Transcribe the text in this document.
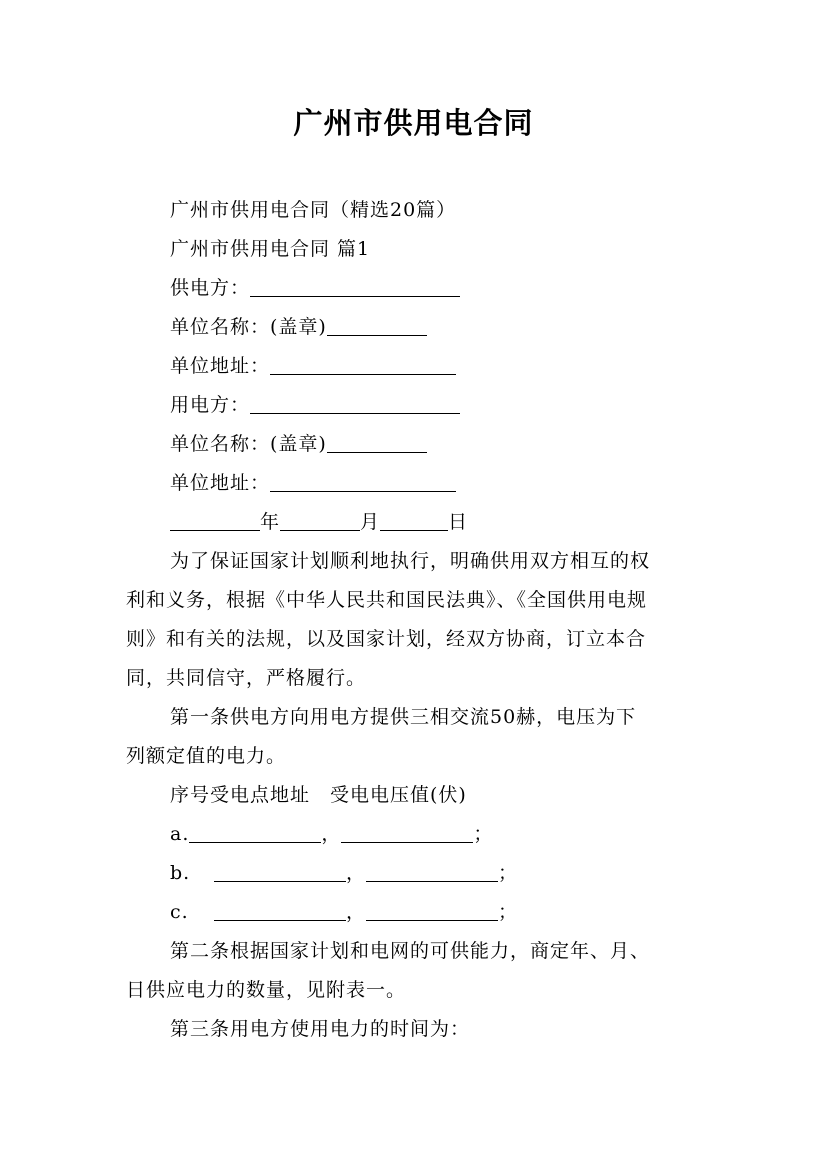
广州市供用电合同
广州市供用电合同（精选20篇）
广州市供用电合同 篇1
供电方：
单位名称：(盖章)
单位地址：
用电方：
单位名称：(盖章)
单位地址：
年	月	日
为了保证国家计划顺利地执行，明确供用双方相互的权
利和义务，根据《中华人民共和国民法典》、《全国供用电规
则》和有关的法规，以及国家计划，经双方协商，订立本合
同，共同信守，严格履行。
第一条供电方向用电方提供三相交流50赫，电压为下
列额定值的电力。
序号受电点地址　受电电压值(伏)
a.	，	；
b.	，	；
c.	，	；
第二条根据国家计划和电网的可供能力，商定年、月、
日供应电力的数量，见附表一。
第三条用电方使用电力的时间为：
